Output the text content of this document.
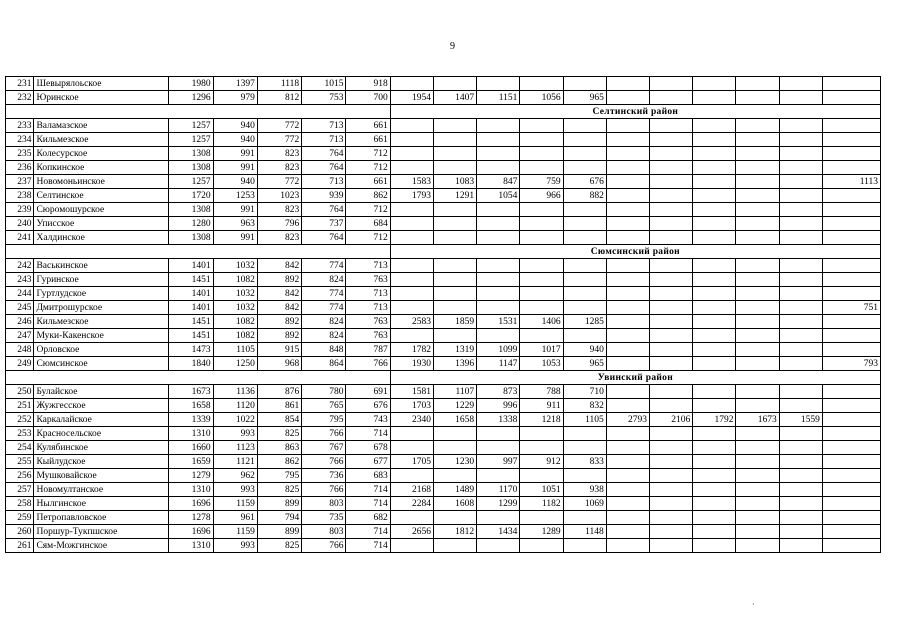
9
231	Шевырялоьское	1980	1397	1118	1015	918											
232	Юринское	1296	979	812	753	700	1954	1407	1151	1056	965						
							Селтинский район										
233	Валамазское	1257	940	772	713	661											
234	Кильмезское	1257	940	772	713	661											
235	Колесурское	1308	991	823	764	712											
236	Копкинское	1308	991	823	764	712											
237	Новомоньинское	1257	940	772	713	661	1583	1083	847	759	676						1113
238	Селтинское	1720	1253	1023	939	862	1793	1291	1054	966	882						
239	Сюромошурское	1308	991	823	764	712											
240	Уписское	1280	963	796	737	684											
241	Халдинское	1308	991	823	764	712											
							Сюмсинский район										
242	Васькинское	1401	1032	842	774	713											
243	Гуринское	1451	1082	892	824	763											
244	Гуртлудское	1401	1032	842	774	713											
245	Дмитрошурское	1401	1032	842	774	713											751
246	Кильмезское	1451	1082	892	824	763	2583	1859	1531	1406	1285						
247	Муки-Какенское	1451	1082	892	824	763											
248	Орловское	1473	1105	915	848	787	1782	1319	1099	1017	940						
249	Сюмсинское	1840	1250	968	864	766	1930	1396	1147	1053	965						793
							Увинский район										
250	Булайское	1673	1136	876	780	691	1581	1107	873	788	710						
251	Жужгесское	1658	1120	861	765	676	1703	1229	996	911	832						
252	Каркалайское	1339	1022	854	795	743	2340	1658	1338	1218	1105	2793	2106	1792	1673	1559	
253	Красносельское	1310	993	825	766	714											
254	Кулябинское	1660	1123	863	767	678											
255	Кыйлудское	1659	1121	862	766	677	1705	1230	997	912	833						
256	Мушковайское	1279	962	795	736	683											
257	Новомултанское	1310	993	825	766	714	2168	1489	1170	1051	938						
258	Нылгинское	1696	1159	899	803	714	2284	1608	1299	1182	1069						
259	Петропавловское	1278	961	794	735	682											
260	Поршур-Тукпшское	1696	1159	899	803	714	2656	1812	1434	1289	1148						
261	Сям-Можгинское	1310	993	825	766	714											
·
